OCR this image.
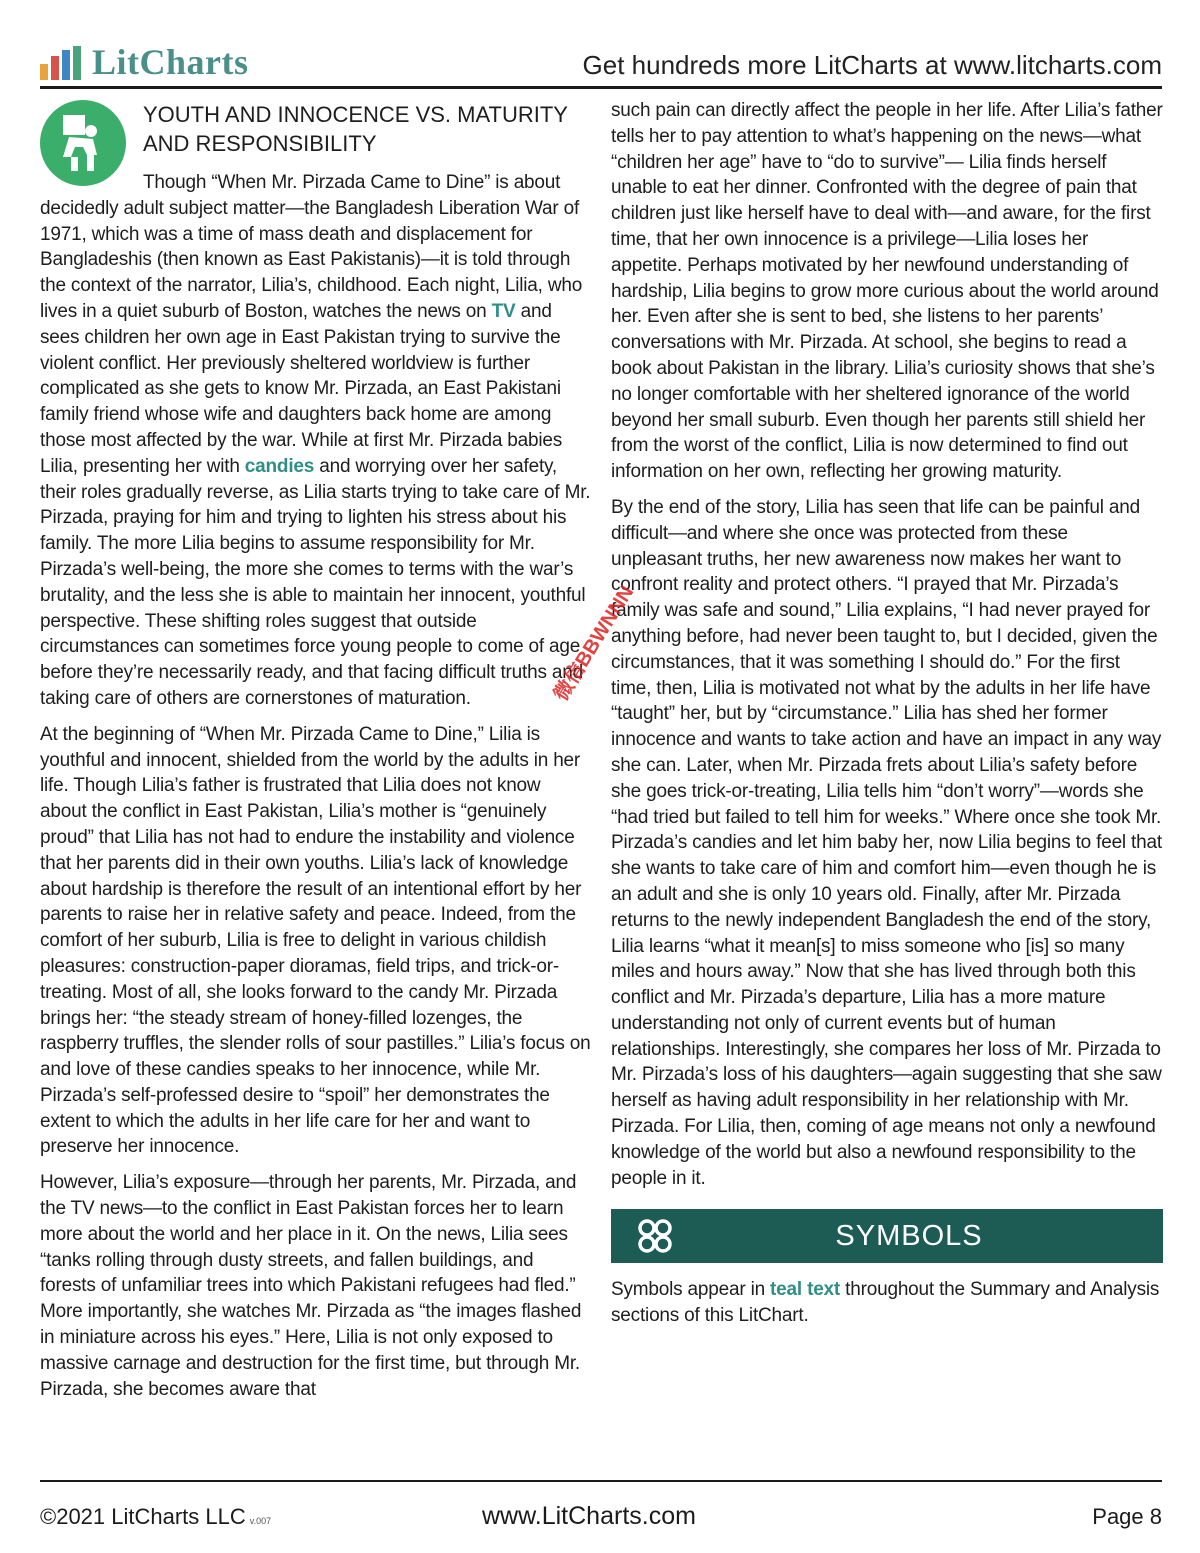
LitCharts	Get hundreds more LitCharts at www.litcharts.com
YOUTH AND INNOCENCE VS. MATURITY AND RESPONSIBILITY

Though “When Mr. Pirzada Came to Dine” is about decidedly adult subject matter—the Bangladesh Liberation War of 1971, which was a time of mass death and displacement for Bangladeshis (then known as East Pakistanis)—it is told through the context of the narrator, Lilia’s, childhood. Each night, Lilia, who lives in a quiet suburb of Boston, watches the news on TV and sees children her own age in East Pakistan trying to survive the violent conflict. Her previously sheltered worldview is further complicated as she gets to know Mr. Pirzada, an East Pakistani family friend whose wife and daughters back home are among those most affected by the war. While at first Mr. Pirzada babies Lilia, presenting her with candies and worrying over her safety, their roles gradually reverse, as Lilia starts trying to take care of Mr. Pirzada, praying for him and trying to lighten his stress about his family. The more Lilia begins to assume responsibility for Mr. Pirzada’s well-being, the more she comes to terms with the war’s brutality, and the less she is able to maintain her innocent, youthful perspective. These shifting roles suggest that outside circumstances can sometimes force young people to come of age before they’re necessarily ready, and that facing difficult truths and taking care of others are cornerstones of maturation.

At the beginning of “When Mr. Pirzada Came to Dine,” Lilia is youthful and innocent, shielded from the world by the adults in her life. Though Lilia’s father is frustrated that Lilia does not know about the conflict in East Pakistan, Lilia’s mother is “genuinely proud” that Lilia has not had to endure the instability and violence that her parents did in their own youths. Lilia’s lack of knowledge about hardship is therefore the result of an intentional effort by her parents to raise her in relative safety and peace. Indeed, from the comfort of her suburb, Lilia is free to delight in various childish pleasures: construction-paper dioramas, field trips, and trick-or-treating. Most of all, she looks forward to the candy Mr. Pirzada brings her: “the steady stream of honey-filled lozenges, the raspberry truffles, the slender rolls of sour pastilles.” Lilia’s focus on and love of these candies speaks to her innocence, while Mr. Pirzada’s self-professed desire to “spoil” her demonstrates the extent to which the adults in her life care for her and want to preserve her innocence.

However, Lilia’s exposure—through her parents, Mr. Pirzada, and the TV news—to the conflict in East Pakistan forces her to learn more about the world and her place in it. On the news, Lilia sees “tanks rolling through dusty streets, and fallen buildings, and forests of unfamiliar trees into which Pakistani refugees had fled.” More importantly, she watches Mr. Pirzada as “the images flashed in miniature across his eyes.” Here, Lilia is not only exposed to massive carnage and destruction for the first time, but through Mr. Pirzada, she becomes aware that

such pain can directly affect the people in her life. After Lilia’s father tells her to pay attention to what’s happening on the news—what “children her age” have to “do to survive”— Lilia finds herself unable to eat her dinner. Confronted with the degree of pain that children just like herself have to deal with—and aware, for the first time, that her own innocence is a privilege—Lilia loses her appetite. Perhaps motivated by her newfound understanding of hardship, Lilia begins to grow more curious about the world around her. Even after she is sent to bed, she listens to her parents’ conversations with Mr. Pirzada. At school, she begins to read a book about Pakistan in the library. Lilia’s curiosity shows that she’s no longer comfortable with her sheltered ignorance of the world beyond her small suburb. Even though her parents still shield her from the worst of the conflict, Lilia is now determined to find out information on her own, reflecting her growing maturity.

By the end of the story, Lilia has seen that life can be painful and difficult—and where she once was protected from these unpleasant truths, her new awareness now makes her want to confront reality and protect others. “I prayed that Mr. Pirzada’s family was safe and sound,” Lilia explains, “I had never prayed for anything before, had never been taught to, but I decided, given the circumstances, that it was something I should do.” For the first time, then, Lilia is motivated not what by the adults in her life have “taught” her, but by “circumstance.” Lilia has shed her former innocence and wants to take action and have an impact in any way she can. Later, when Mr. Pirzada frets about Lilia’s safety before she goes trick-or-treating, Lilia tells him “don’t worry”—words she “had tried but failed to tell him for weeks.” Where once she took Mr. Pirzada’s candies and let him baby her, now Lilia begins to feel that she wants to take care of him and comfort him—even though he is an adult and she is only 10 years old. Finally, after Mr. Pirzada returns to the newly independent Bangladesh the end of the story, Lilia learns “what it mean[s] to miss someone who [is] so many miles and hours away.” Now that she has lived through both this conflict and Mr. Pirzada’s departure, Lilia has a more mature understanding not only of current events but of human relationships. Interestingly, she compares her loss of Mr. Pirzada to Mr. Pirzada’s loss of his daughters—again suggesting that she saw herself as having adult responsibility in her relationship with Mr. Pirzada. For Lilia, then, coming of age means not only a newfound knowledge of the world but also a newfound responsibility to the people in it.

SYMBOLS

Symbols appear in teal text throughout the Summary and Analysis sections of this LitChart.

微信BBWNNN
©2021 LitCharts LLC v.007	www.LitCharts.com	Page 8
